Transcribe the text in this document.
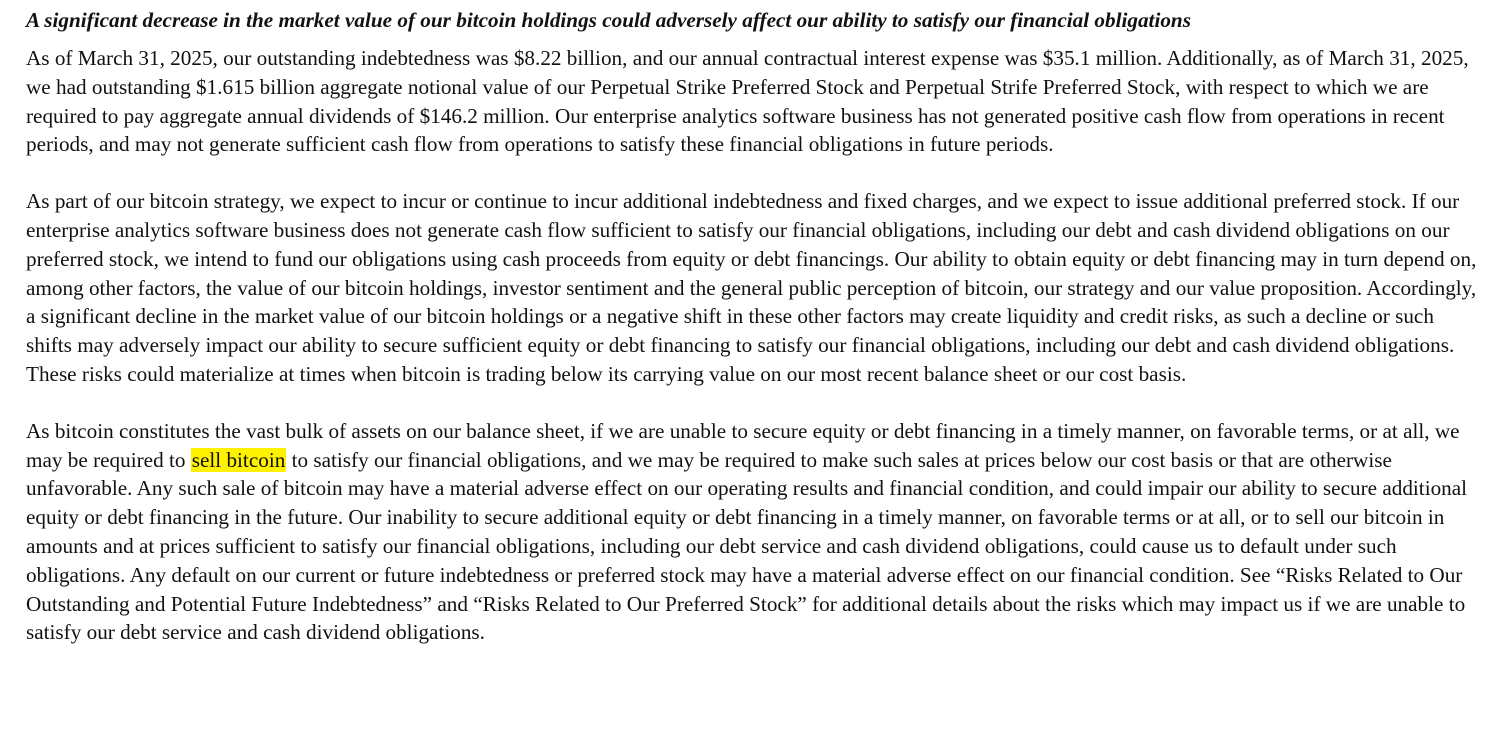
A significant decrease in the market value of our bitcoin holdings could adversely affect our ability to satisfy our financial obligations

As of March 31, 2025, our outstanding indebtedness was $8.22 billion, and our annual contractual interest expense was $35.1 million. Additionally, as of March 31, 2025, we had outstanding $1.615 billion aggregate notional value of our Perpetual Strike Preferred Stock and Perpetual Strife Preferred Stock, with respect to which we are required to pay aggregate annual dividends of $146.2 million. Our enterprise analytics software business has not generated positive cash flow from operations in recent periods, and may not generate sufficient cash flow from operations to satisfy these financial obligations in future periods.

As part of our bitcoin strategy, we expect to incur or continue to incur additional indebtedness and fixed charges, and we expect to issue additional preferred stock. If our enterprise analytics software business does not generate cash flow sufficient to satisfy our financial obligations, including our debt and cash dividend obligations on our preferred stock, we intend to fund our obligations using cash proceeds from equity or debt financings. Our ability to obtain equity or debt financing may in turn depend on, among other factors, the value of our bitcoin holdings, investor sentiment and the general public perception of bitcoin, our strategy and our value proposition. Accordingly, a significant decline in the market value of our bitcoin holdings or a negative shift in these other factors may create liquidity and credit risks, as such a decline or such shifts may adversely impact our ability to secure sufficient equity or debt financing to satisfy our financial obligations, including our debt and cash dividend obligations. These risks could materialize at times when bitcoin is trading below its carrying value on our most recent balance sheet or our cost basis.

As bitcoin constitutes the vast bulk of assets on our balance sheet, if we are unable to secure equity or debt financing in a timely manner, on favorable terms, or at all, we may be required to sell bitcoin to satisfy our financial obligations, and we may be required to make such sales at prices below our cost basis or that are otherwise unfavorable. Any such sale of bitcoin may have a material adverse effect on our operating results and financial condition, and could impair our ability to secure additional equity or debt financing in the future. Our inability to secure additional equity or debt financing in a timely manner, on favorable terms or at all, or to sell our bitcoin in amounts and at prices sufficient to satisfy our financial obligations, including our debt service and cash dividend obligations, could cause us to default under such obligations. Any default on our current or future indebtedness or preferred stock may have a material adverse effect on our financial condition. See “Risks Related to Our Outstanding and Potential Future Indebtedness” and “Risks Related to Our Preferred Stock” for additional details about the risks which may impact us if we are unable to satisfy our debt service and cash dividend obligations.
